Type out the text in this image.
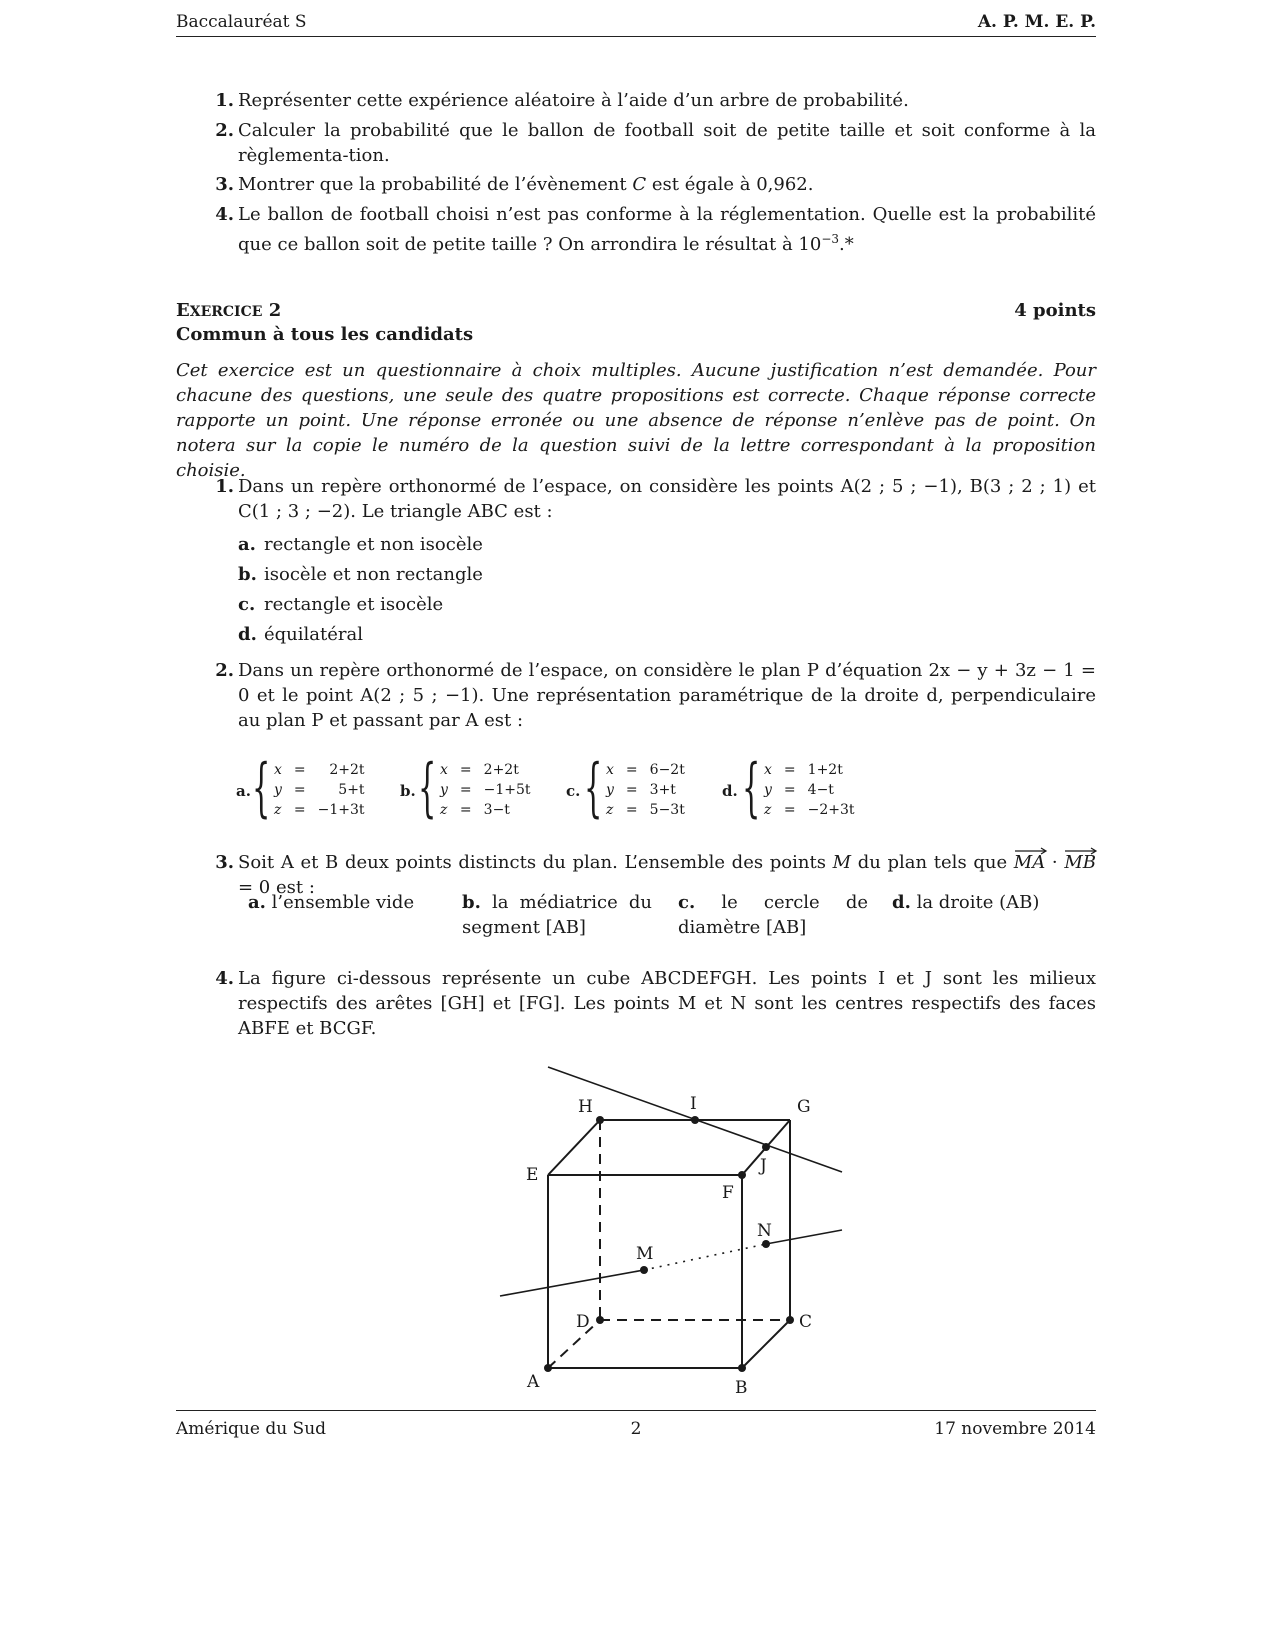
Baccalauréat S	A. P. M. E. P.
1. Représenter cette expérience aléatoire à l’aide d’un arbre de probabilité.
2. Calculer la probabilité que le ballon de football soit de petite taille et soit conforme à la règlementa-tion.
3. Montrer que la probabilité de l’évènement C est égale à 0,962.
4. Le ballon de football choisi n’est pas conforme à la réglementation. Quelle est la probabilité que ce ballon soit de petite taille ? On arrondira le résultat à $10^{-3}.*$
EXERCICE 2	4 points
Commun à tous les candidats
Cet exercice est un questionnaire à choix multiples. Aucune justification n’est demandée. Pour chacune des questions, une seule des quatre propositions est correcte. Chaque réponse correcte rapporte un point. Une réponse erronée ou une absence de réponse n’enlève pas de point. On notera sur la copie le numéro de la question suivi de la lettre correspondant à la proposition choisie.
1. Dans un repère orthonormé de l’espace, on considère les points A(2 ; 5 ; −1), B(3 ; 2 ; 1) et C(1 ; 3 ; −2). Le triangle ABC est :
a. rectangle et non isocèle
b. isocèle et non rectangle
c. rectangle et isocèle
d. équilatéral
2. Dans un repère orthonormé de l’espace, on considère le plan P d’équation 2x − y + 3z − 1 = 0 et le point A(2 ; 5 ; −1). Une représentation paramétrique de la droite d, perpendiculaire au plan P et passant par A est :
a. { x	=	2+2t
y	=	5+t
z	=	−1+3t
b. { x	=	2+2t
y	=	−1+5t
z	=	3−t
c. { x	=	6−2t
y	=	3+t
z	=	5−3t
d. { x	=	1+2t
y	=	4−t
z	=	−2+3t
3. Soit A et B deux points distincts du plan. L’ensemble des points M du plan tels que MA
· MB
= 0 est :
a. l’ensemble vide	b. la médiatrice du segment [AB]
c. le cercle de diamètre [AB]
d. la droite (AB)
4. La figure ci-dessous représente un cube ABCDEFGH. Les points I et J sont les milieux respectifs des arêtes [GH] et [FG]. Les points M et N sont les centres respectifs des faces ABFE et BCGF.
A	B
C
D
E
F
G
H	I
J
M
N
Amérique du Sud	2	17 novembre 2014
